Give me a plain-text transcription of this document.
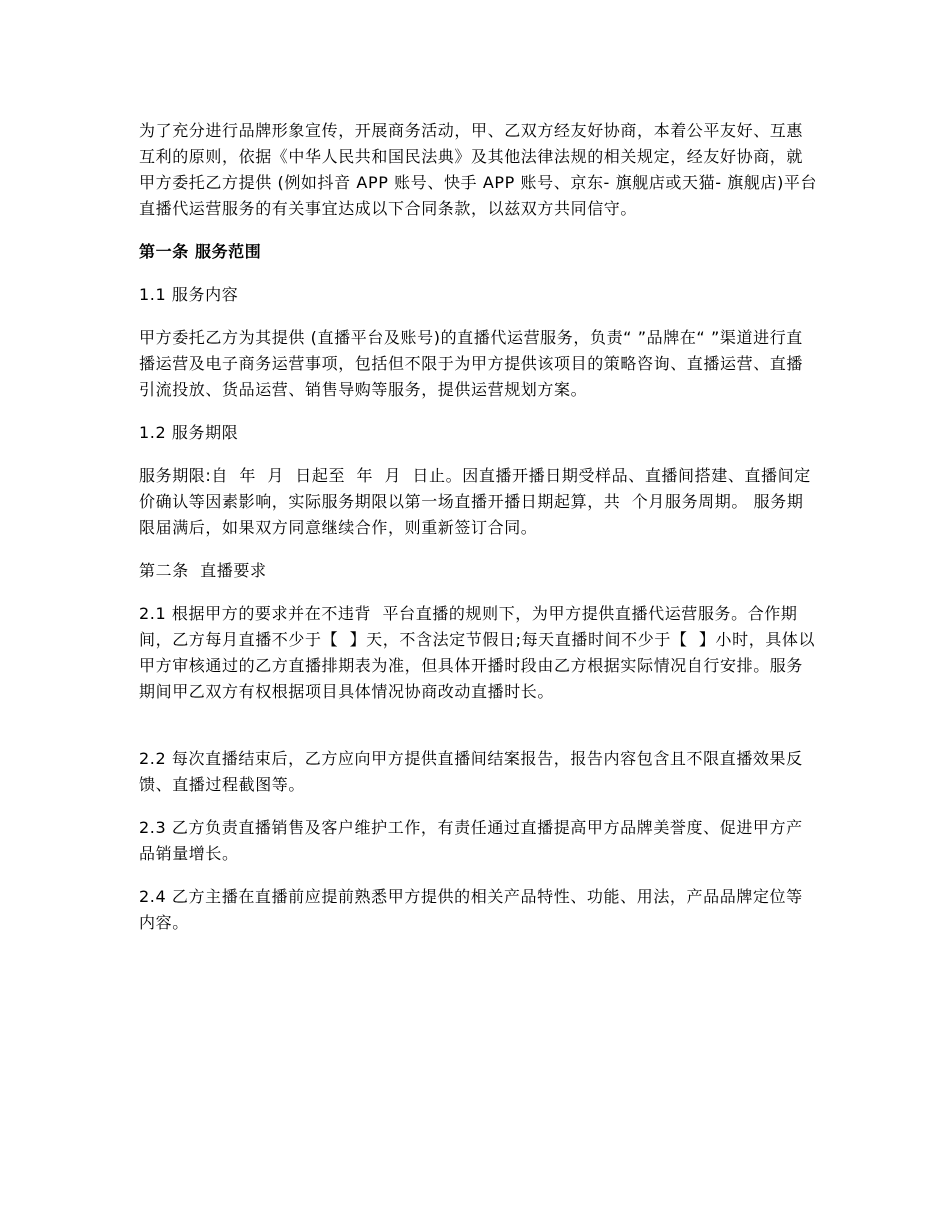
为了充分进行品牌形象宣传，开展商务活动，甲、乙双方经友好协商，本着公平友好、互惠互利的原则，依据《中华人民共和国民法典》及其他法律法规的相关规定，经友好协商，就甲方委托乙方提供 (例如抖音 APP 账号、快手 APP 账号、京东- 旗舰店或天猫- 旗舰店)平台直播代运营服务的有关事宜达成以下合同条款，以兹双方共同信守。

第一条 服务范围

1.1 服务内容

甲方委托乙方为其提供 (直播平台及账号)的直播代运营服务，负责“ ”品牌在“ ”渠道进行直播运营及电子商务运营事项，包括但不限于为甲方提供该项目的策略咨询、直播运营、直播引流投放、货品运营、销售导购等服务，提供运营规划方案。

1.2 服务期限

服务期限:自  年  月  日起至  年  月  日止。因直播开播日期受样品、直播间搭建、直播间定价确认等因素影响，实际服务期限以第一场直播开播日期起算，共  个月服务周期。 服务期限届满后，如果双方同意继续合作，则重新签订合同。

第二条  直播要求

2.1 根据甲方的要求并在不违背  平台直播的规则下，为甲方提供直播代运营服务。合作期间，乙方每月直播不少于【  】天，不含法定节假日;每天直播时间不少于【  】小时，具体以甲方审核通过的乙方直播排期表为准，但具体开播时段由乙方根据实际情况自行安排。服务期间甲乙双方有权根据项目具体情况协商改动直播时长。

2.2 每次直播结束后，乙方应向甲方提供直播间结案报告，报告内容包含且不限直播效果反馈、直播过程截图等。

2.3 乙方负责直播销售及客户维护工作，有责任通过直播提高甲方品牌美誉度、促进甲方产品销量增长。

2.4 乙方主播在直播前应提前熟悉甲方提供的相关产品特性、功能、用法，产品品牌定位等内容。
